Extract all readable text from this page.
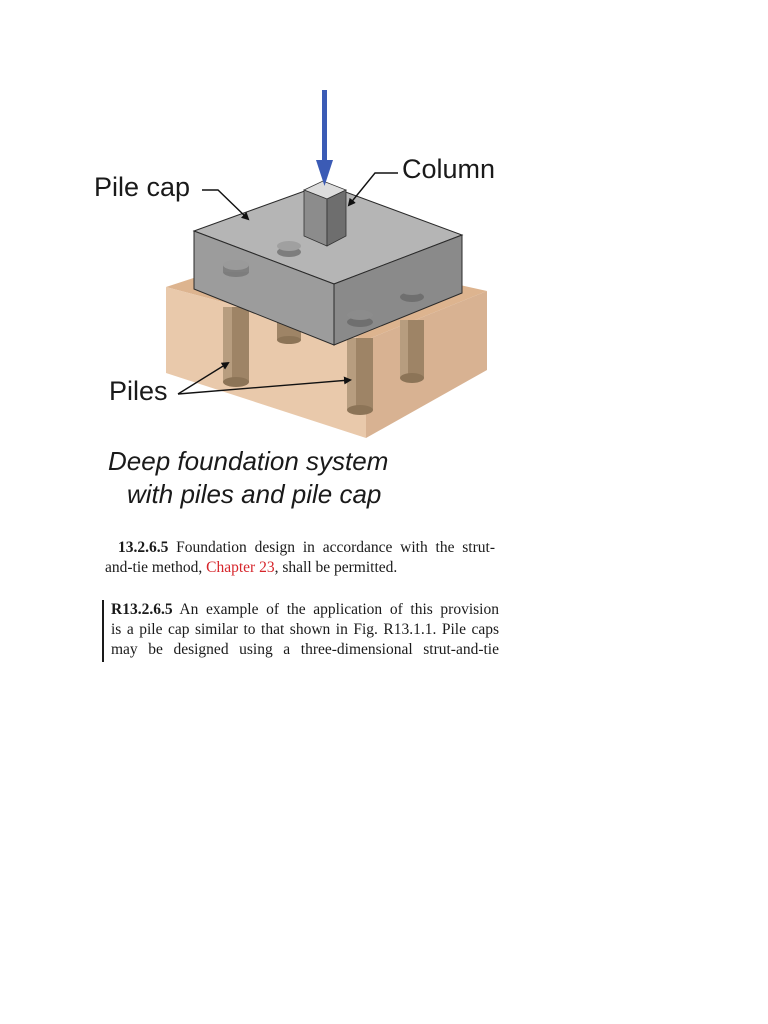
Pile cap
Column
Piles
Deep foundation system
with piles and pile cap
13.2.6.5 Foundation design in accordance with the strut-
and-tie method, Chapter 23, shall be permitted.
R13.2.6.5 An example of the application of this provision
is a pile cap similar to that shown in Fig. R13.1.1. Pile caps
may be designed using a three-dimensional strut-and-tie
